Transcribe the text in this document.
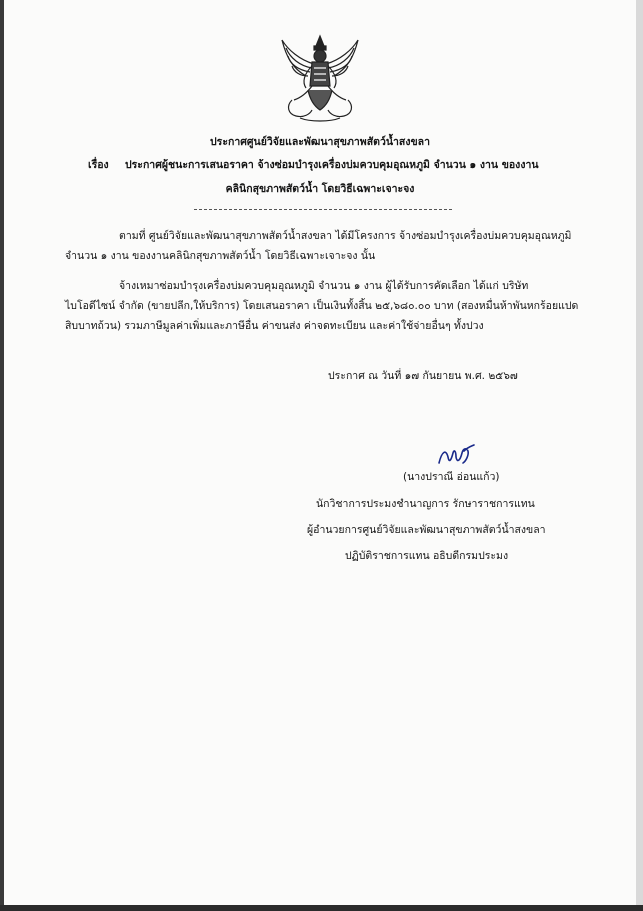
ประกาศศูนย์วิจัยและพัฒนาสุขภาพสัตว์น้ำสงขลา
เรื่อง ประกาศผู้ชนะการเสนอราคา จ้างซ่อมบำรุงเครื่องบ่มควบคุมอุณหภูมิ จำนวน ๑ งาน ของงาน
คลินิกสุขภาพสัตว์น้ำ โดยวิธีเฉพาะเจาะจง
ตามที่ ศูนย์วิจัยและพัฒนาสุขภาพสัตว์น้ำสงขลา ได้มีโครงการ จ้างซ่อมบำรุงเครื่องบ่มควบคุมอุณหภูมิ
จำนวน ๑ งาน ของงานคลินิกสุขภาพสัตว์น้ำ โดยวิธีเฉพาะเจาะจง นั้น
จ้างเหมาซ่อมบำรุงเครื่องบ่มควบคุมอุณหภูมิ จำนวน ๑ งาน ผู้ได้รับการคัดเลือก ได้แก่ บริษัท
ไบโอดีไซน์ จำกัด (ขายปลีก,ให้บริการ) โดยเสนอราคา เป็นเงินทั้งสิ้น ๒๕,๖๘๐.๐๐ บาท (สองหมื่นห้าพันหกร้อยแปด
สิบบาทถ้วน) รวมภาษีมูลค่าเพิ่มและภาษีอื่น ค่าขนส่ง ค่าจดทะเบียน และค่าใช้จ่ายอื่นๆ ทั้งปวง
ประกาศ ณ วันที่ ๑๗ กันยายน พ.ศ. ๒๕๖๗
(นางปราณี อ่อนแก้ว)
นักวิชาการประมงชำนาญการ รักษาราชการแทน
ผู้อำนวยการศูนย์วิจัยและพัฒนาสุขภาพสัตว์น้ำสงขลา
ปฏิบัติราชการแทน อธิบดีกรมประมง
